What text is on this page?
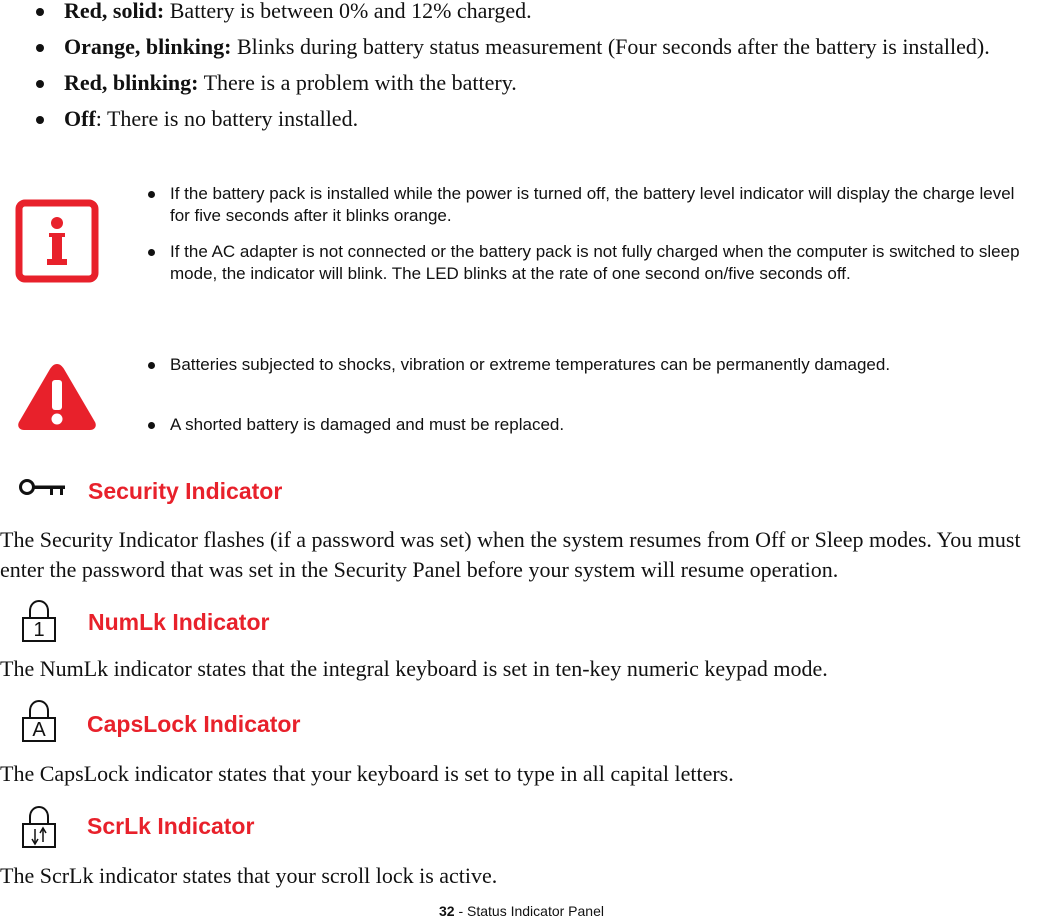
Red, solid: Battery is between 0% and 12% charged.
Orange, blinking: Blinks during battery status measurement (Four seconds after the battery is installed).
Red, blinking: There is a problem with the battery.
Off: There is no battery installed.
If the battery pack is installed while the power is turned off, the battery level indicator will display the charge level for five seconds after it blinks orange.
If the AC adapter is not connected or the battery pack is not fully charged when the computer is switched to sleep mode, the indicator will blink. The LED blinks at the rate of one second on/five seconds off.
Batteries subjected to shocks, vibration or extreme temperatures can be permanently damaged.
A shorted battery is damaged and must be replaced.
Security Indicator
The Security Indicator flashes (if a password was set) when the system resumes from Off or Sleep modes. You must enter the password that was set in the Security Panel before your system will resume operation.
1	NumLk Indicator
The NumLk indicator states that the integral keyboard is set in ten-key numeric keypad mode.
A	CapsLock Indicator
The CapsLock indicator states that your keyboard is set to type in all capital letters.
ScrLk Indicator
The ScrLk indicator states that your scroll lock is active.
32 - Status Indicator Panel
